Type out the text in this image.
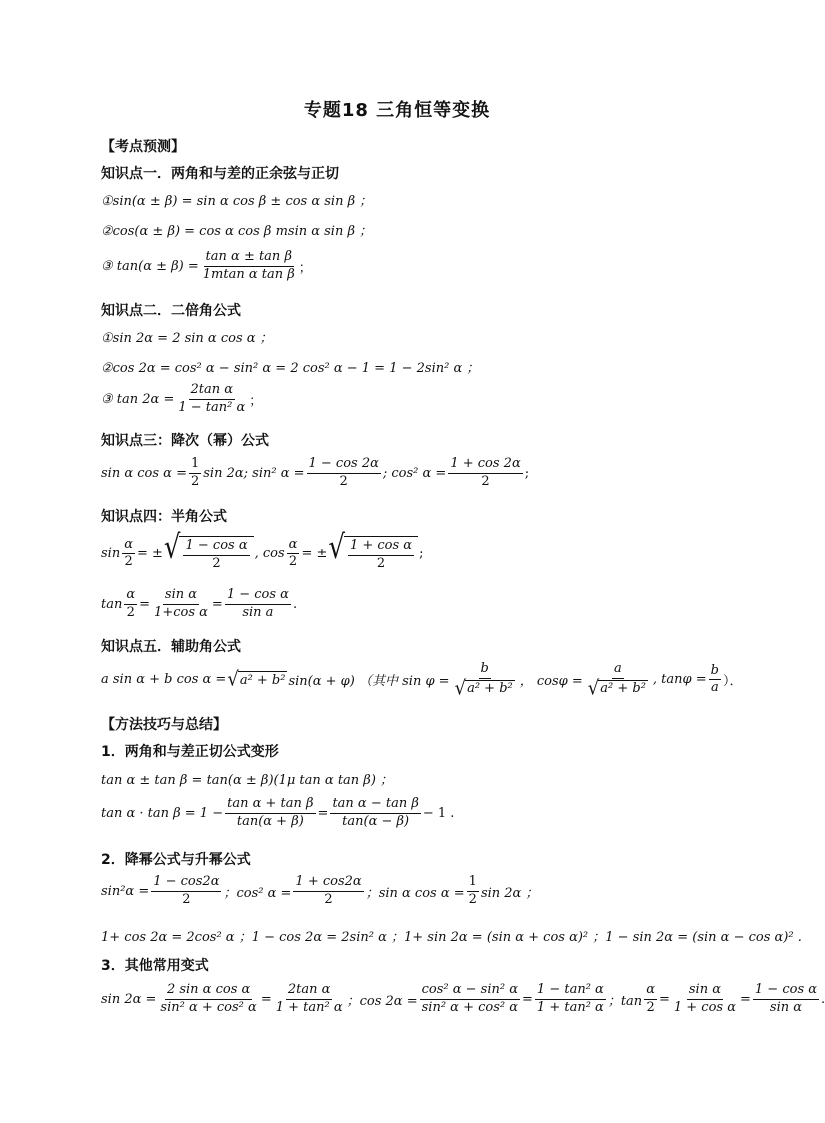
专题18 三角恒等变换
【考点预测】
知识点一．两角和与差的正余弦与正切
①sin(α ± β) = sin α cos β ± cos α sin β ；
②cos(α ± β) = cos α cos β msin α sin β ；
③ $\tan(\alpha \pm \beta) = \frac{\text{tan α ± tan β}}{\text{1mtan α tan β}}$ ；
知识点二．二倍角公式
①sin 2α = 2 sin α cos α ；
②cos 2α = cos² α − sin² α = 2 cos² α − 1 = 1 − 2sin² α ；
③ $\tan 2\alpha = \frac{\text{2tan α}}{\text{1 − tan² α}}$ ；
知识点三：降次（幂）公式
sin α $\cos \alpha = \frac{1}{2}$ sin 2α; sin² $\alpha = \frac{1 - \cos 2\alpha}{2}$ ; cos² $\alpha = \frac{1 + \cos 2\alpha}{2}$ ;
知识点四：半角公式
$\sin \frac{\alpha}{2}$ = ± √ $\frac{\text{1 − cos α}}{2}$ , $\cos \frac{\alpha}{2}$ = ± √ $\frac{\text{1 + cos α}}{2}$ ;
$\tan \frac{\alpha}{2} = \frac{\text{sin α}}{\text{1+cos α}} = \frac{\text{1 − cos α}}{\text{sin a}}$ .
知识点五．辅助角公式
a sin α + b cos α = √ a² + b² sin(α + φ) （其中 $\sin \varphi = \frac{b}{\text{√ a² + b²}}$ ， $\cos\varphi = \frac{a}{\text{√ a² + b²}}$ , $\tan\varphi = \frac{b}{a}$ ）．
【方法技巧与总结】
1．两角和与差正切公式变形
tan α ± tan β = tan(α ± β)(1μ tan α tan β) ；
$\tan \alpha \cdot \tan \beta = 1 - \frac{\text{tan α + tan β}}{\tan(\alpha + \beta)} = \frac{\text{tan α − tan β}}{\tan(\alpha - \beta)} - 1$ .
2．降幂公式与升幂公式
$\sin^2\alpha = \frac{1 - \cos 2\alpha}{2}$ ；cos² $\alpha = \frac{1 + \cos 2\alpha}{2}$ ；sin α $\cos \alpha = \frac{1}{2}$ sin 2α ；
1+ cos 2α = 2cos² α ；1 − cos 2α = 2sin² α ；1+ sin 2α = (sin α + cos α)² ；1 − sin 2α = (sin α − cos α)² .
3．其他常用变式
$\sin 2\alpha = \frac{\text{2 sin α cos α}}{\text{sin² α + cos² α}} = \frac{\text{2tan α}}{\text{1 + tan² α}}$ ；$\cos 2\alpha = \frac{\text{cos² α − sin² α}}{\text{sin² α + cos² α}} = \frac{\text{1 − tan² α}}{\text{1 + tan² α}}$ ；$\tan \frac{\alpha}{2} = \frac{\text{sin α}}{\text{1 + cos α}} = \frac{\text{1 − cos α}}{\text{sin α}}$ .
